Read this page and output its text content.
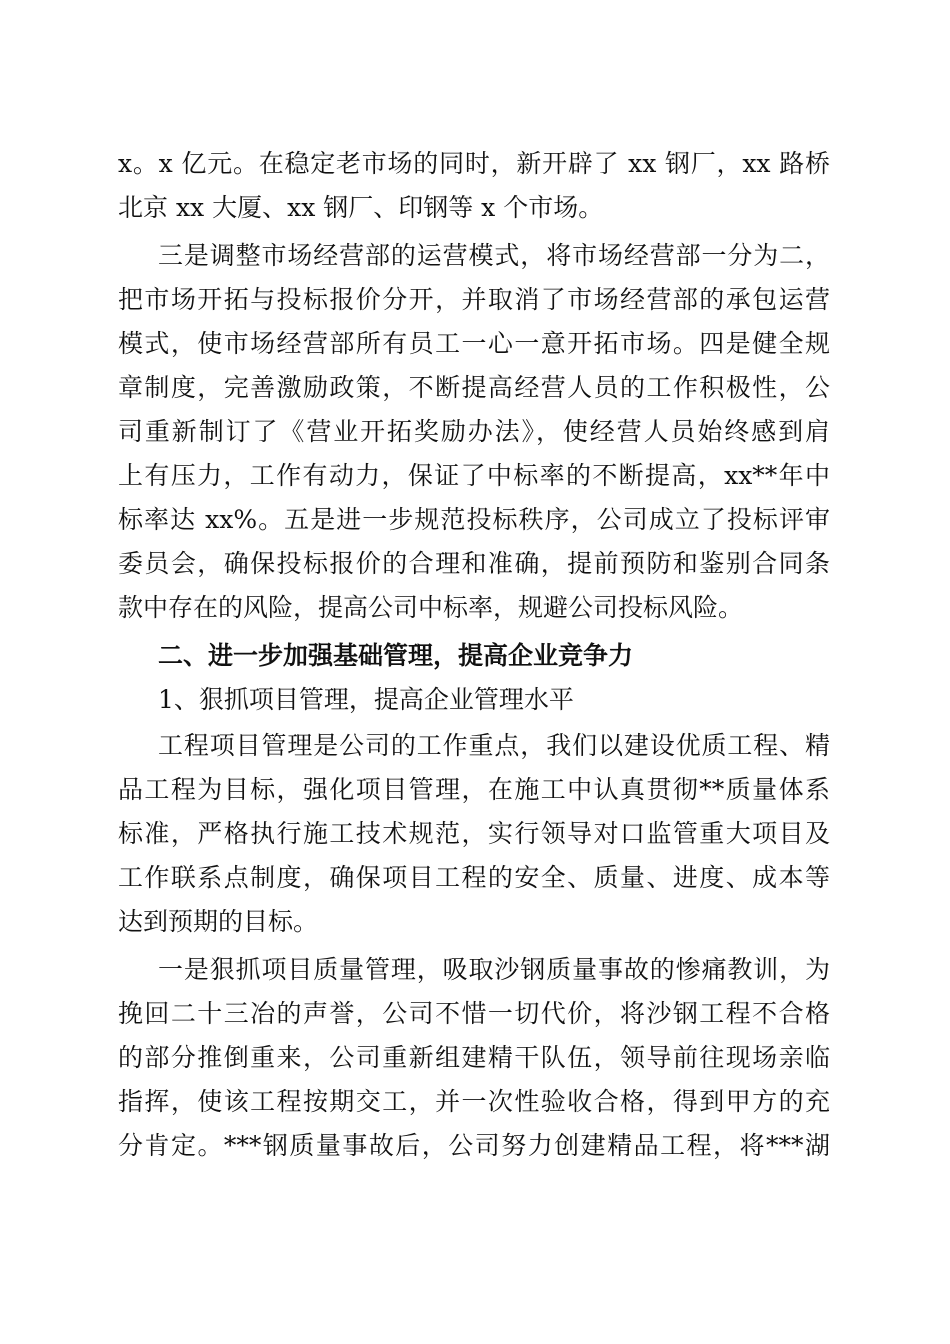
x。x 亿元。在稳定老市场的同时，新开辟了 xx 钢厂，xx 路桥
北京 xx 大厦、xx 钢厂、印钢等 x 个市场。
三是调整市场经营部的运营模式，将市场经营部一分为二，
把市场开拓与投标报价分开，并取消了市场经营部的承包运营
模式，使市场经营部所有员工一心一意开拓市场。四是健全规
章制度，完善激励政策，不断提高经营人员的工作积极性，公
司重新制订了《营业开拓奖励办法》，使经营人员始终感到肩
上有压力，工作有动力，保证了中标率的不断提高，xx**年中
标率达 xx%。五是进一步规范投标秩序，公司成立了投标评审
委员会，确保投标报价的合理和准确，提前预防和鉴别合同条
款中存在的风险，提高公司中标率，规避公司投标风险。
二、进一步加强基础管理，提高企业竞争力
1、狠抓项目管理，提高企业管理水平
工程项目管理是公司的工作重点，我们以建设优质工程、精
品工程为目标，强化项目管理，在施工中认真贯彻**质量体系
标准，严格执行施工技术规范，实行领导对口监管重大项目及
工作联系点制度，确保项目工程的安全、质量、进度、成本等
达到预期的目标。
一是狠抓项目质量管理，吸取沙钢质量事故的惨痛教训，为
挽回二十三冶的声誉，公司不惜一切代价，将沙钢工程不合格
的部分推倒重来，公司重新组建精干队伍，领导前往现场亲临
指挥，使该工程按期交工，并一次性验收合格，得到甲方的充
分肯定。***钢质量事故后，公司努力创建精品工程，将***湖
